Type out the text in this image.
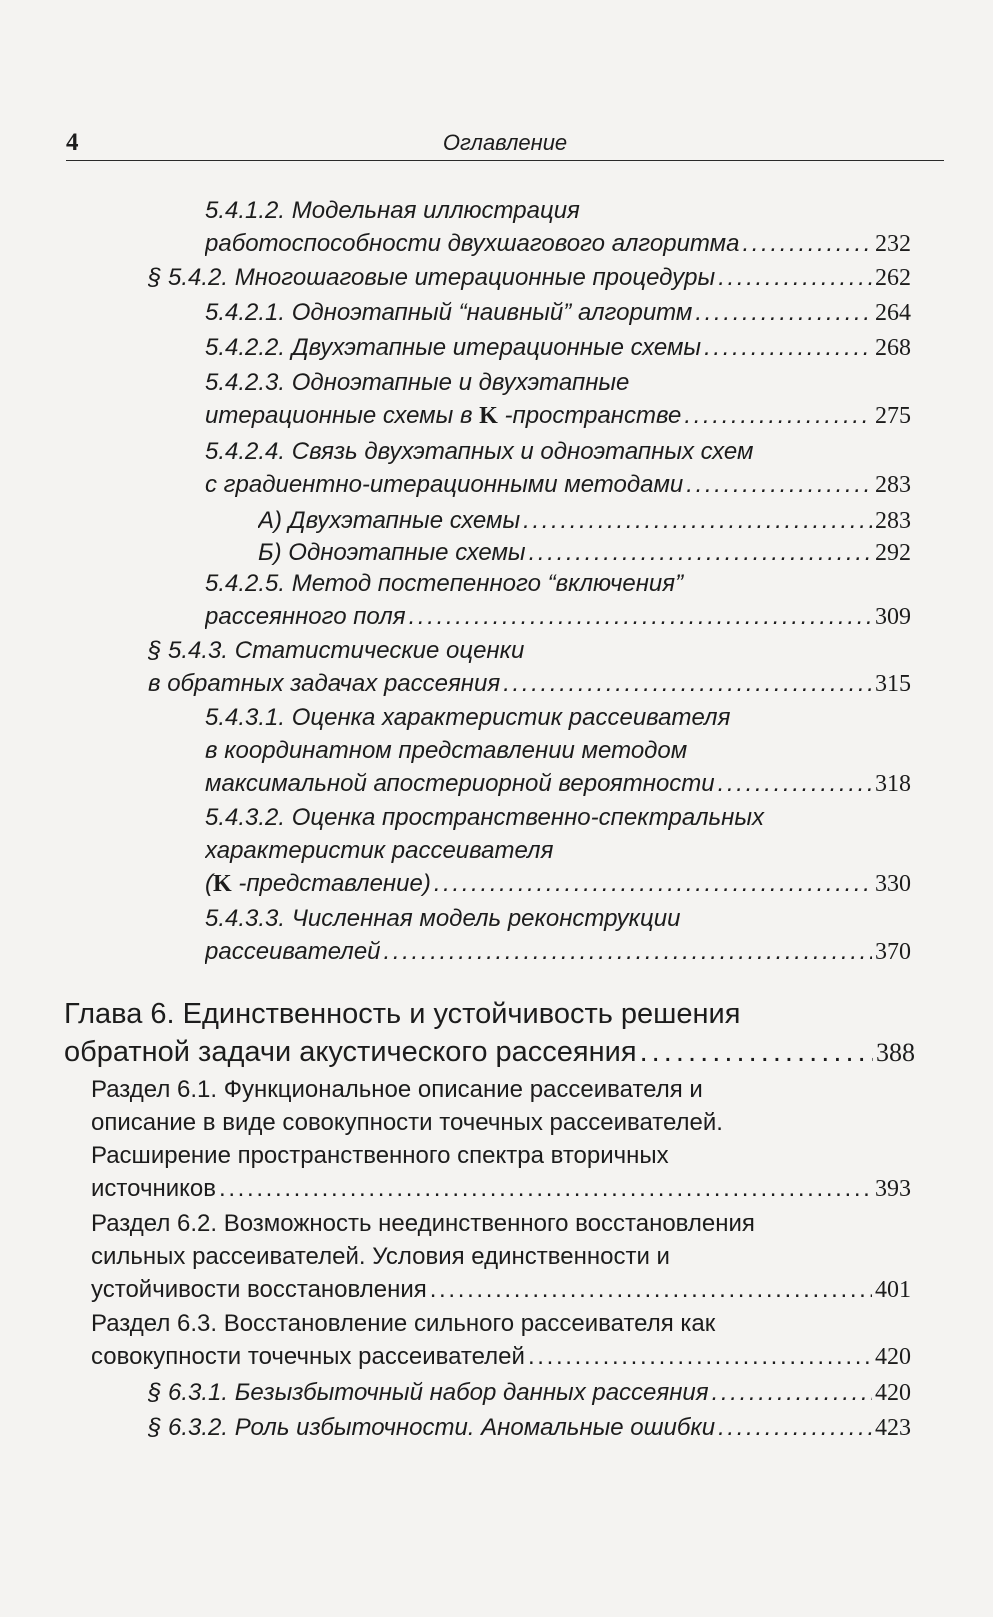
4	Оглавление
5.4.1.2. Модельная иллюстрация
работоспособности двухшагового алгоритма . . .	232
§ 5.4.2. Многошаговые итерационные процедуры . . .	262
5.4.2.1. Одноэтапный “наивный” алгоритм . . .	264
5.4.2.2. Двухэтапные итерационные схемы . . .	268
5.4.2.3. Одноэтапные и двухэтапные
итерационные схемы в K -пространстве . . .	275
5.4.2.4. Связь двухэтапных и одноэтапных схем
с градиентно-итерационными методами . . .	283
А) Двухэтапные схемы . . .	283
Б) Одноэтапные схемы . . .	292
5.4.2.5. Метод постепенного “включения”
рассеянного поля . . .	309
§ 5.4.3. Статистические оценки
в обратных задачах рассеяния . . .	315
5.4.3.1. Оценка характеристик рассеивателя
в координатном представлении методом
максимальной апостериорной вероятности . . .	318
5.4.3.2. Оценка пространственно-спектральных
характеристик рассеивателя
(K -представление) . . .	330
5.4.3.3. Численная модель реконструкции
рассеивателей . . .	370
Глава 6. Единственность и устойчивость решения
обратной задачи акустического рассеяния . . .	388
Раздел 6.1. Функциональное описание рассеивателя и
описание в виде совокупности точечных рассеивателей.
Расширение пространственного спектра вторичных
источников . . .	393
Раздел 6.2. Возможность неединственного восстановления
сильных рассеивателей. Условия единственности и
устойчивости восстановления . . .	401
Раздел 6.3. Восстановление сильного рассеивателя как
совокупности точечных рассеивателей . . .	420
§ 6.3.1. Безызбыточный набор данных рассеяния . . .	420
§ 6.3.2. Роль избыточности. Аномальные ошибки . . .	423
